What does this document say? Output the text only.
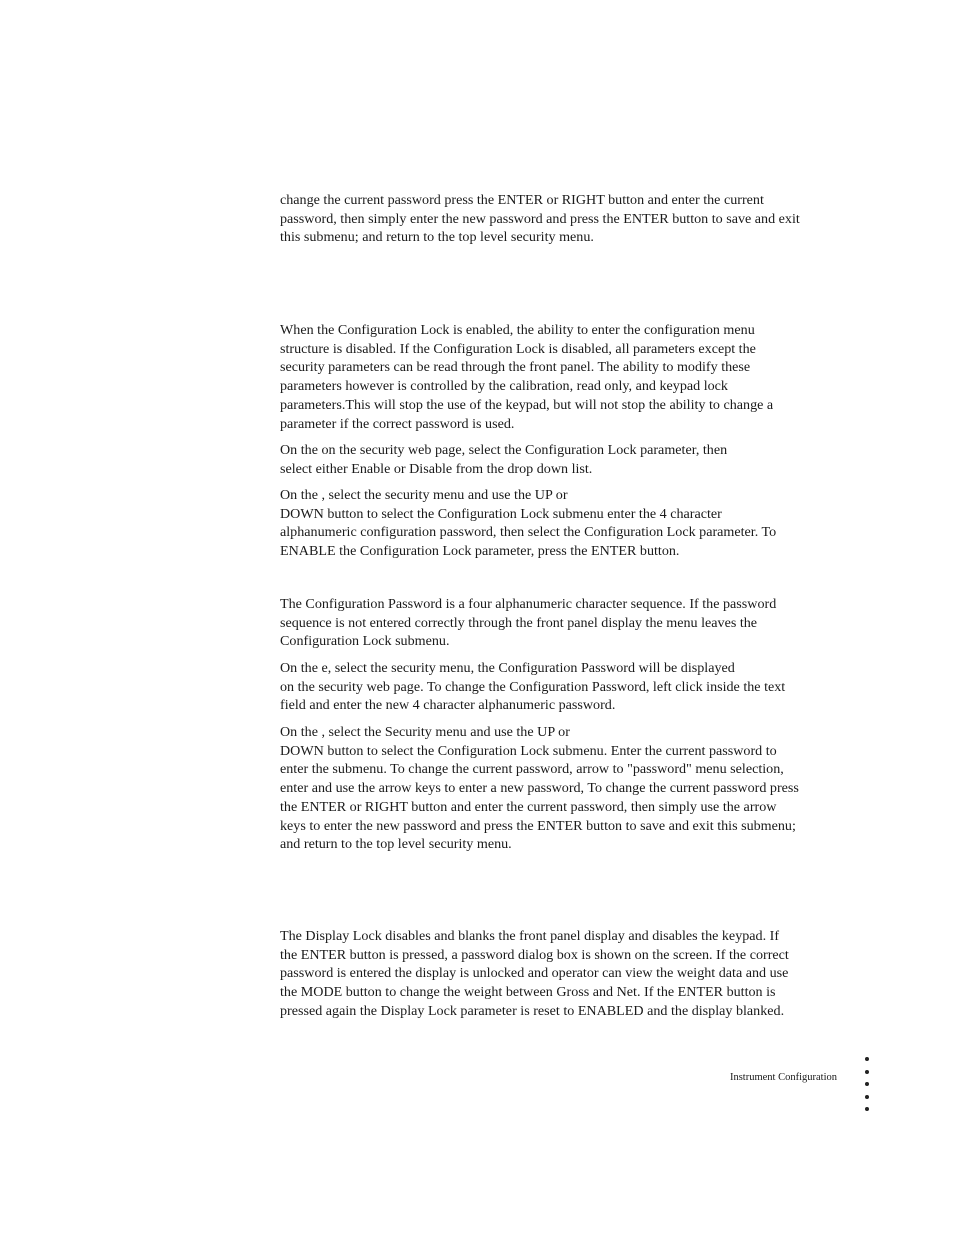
change the current password press the ENTER or RIGHT button and enter the current
password, then simply enter the new password and press the ENTER button to save and exit
this submenu; and return to the top level security menu.

When the Configuration Lock is enabled, the ability to enter the configuration menu
structure is disabled. If the Configuration Lock is disabled, all parameters except the
security parameters can be read through the front panel. The ability to modify these
parameters however is controlled by the calibration, read only, and keypad lock
parameters.This will stop the use of the keypad, but will not stop the ability to change a
parameter if the correct password is used.

On the on the security web page, select the Configuration Lock parameter, then
select either Enable or Disable from the drop down list.

On the , select the security menu and use the UP or
DOWN button to select the Configuration Lock submenu enter the 4 character
alphanumeric configuration password, then select the Configuration Lock parameter. To
ENABLE the Configuration Lock parameter, press the ENTER button.

The Configuration Password is a four alphanumeric character sequence. If the password
sequence is not entered correctly through the front panel display the menu leaves the
Configuration Lock submenu.

On the e, select the security menu, the Configuration Password will be displayed
on the security web page. To change the Configuration Password, left click inside the text
field and enter the new 4 character alphanumeric password.

On the , select the Security menu and use the UP or
DOWN button to select the Configuration Lock submenu. Enter the current password to
enter the submenu. To change the current password, arrow to "password" menu selection,
enter and use the arrow keys to enter a new password, To change the current password press
the ENTER or RIGHT button and enter the current password, then simply use the arrow
keys to enter the new password and press the ENTER button to save and exit this submenu;
and return to the top level security menu.

The Display Lock disables and blanks the front panel display and disables the keypad. If
the ENTER button is pressed, a password dialog box is shown on the screen. If the correct
password is entered the display is unlocked and operator can view the weight data and use
the MODE button to change the weight between Gross and Net. If the ENTER button is
pressed again the Display Lock parameter is reset to ENABLED and the display blanked.

Instrument Configuration
